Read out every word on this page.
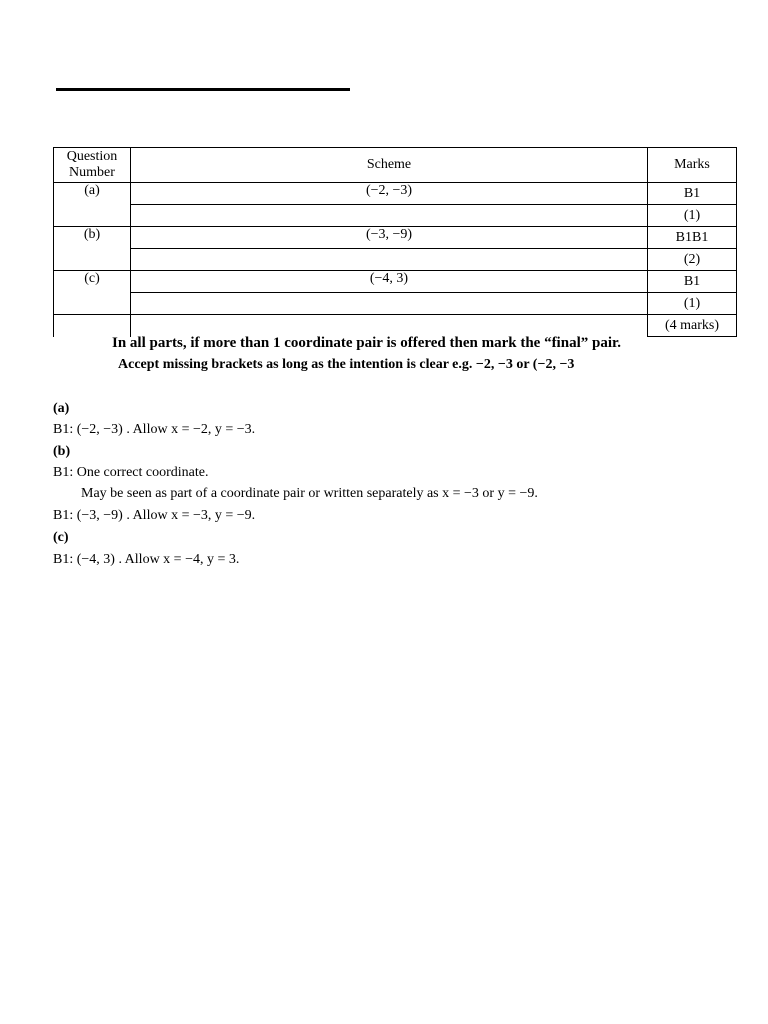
Question Number	Scheme	Marks
(a)	(−2, −3)	B1
		(1)
(b)	(−3, −9)	B1B1
		(2)
(c)	(−4, 3)	B1
		(1)
		(4 marks)
In all parts, if more than 1 coordinate pair is offered then mark the “final” pair.
Accept missing brackets as long as the intention is clear e.g. −2, −3 or (−2, −3
(a)
B1: (−2, −3) . Allow x = −2, y = −3.
(b)
B1: One correct coordinate.
May be seen as part of a coordinate pair or written separately as x = −3 or y = −9.
B1: (−3, −9) . Allow x = −3, y = −9.
(c)
B1: (−4, 3) . Allow x = −4, y = 3.
